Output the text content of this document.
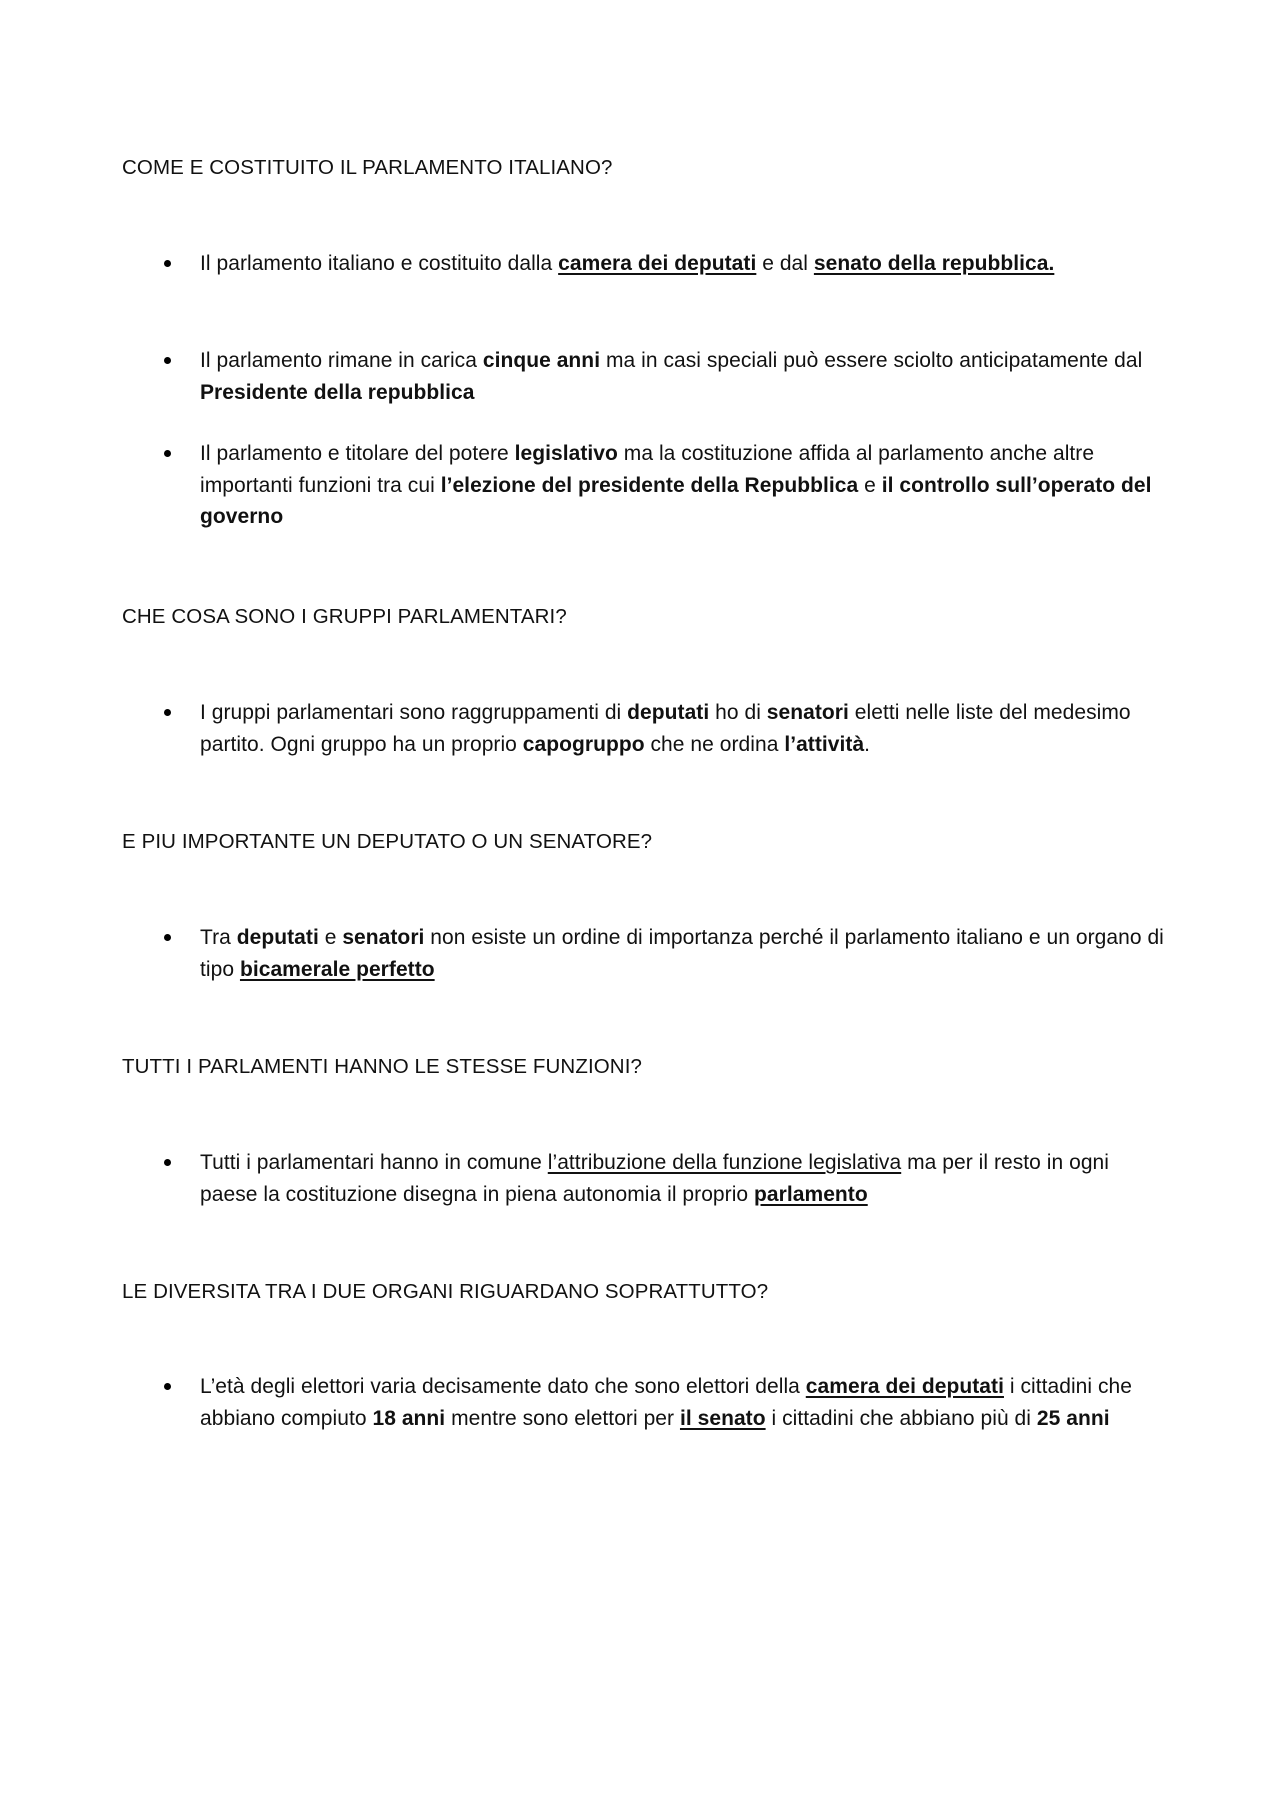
COME E COSTITUITO IL PARLAMENTO ITALIANO?
Il parlamento italiano e costituito dalla camera dei deputati e dal senato della repubblica.
Il parlamento rimane in carica cinque anni ma in casi speciali può essere sciolto anticipatamente dal Presidente della repubblica
Il parlamento e titolare del potere legislativo ma la costituzione affida al parlamento anche altre importanti funzioni tra cui l’elezione del presidente della Repubblica e il controllo sull’operato del governo
CHE COSA SONO I GRUPPI PARLAMENTARI?
I gruppi parlamentari sono raggruppamenti di deputati ho di senatori eletti nelle liste del medesimo partito. Ogni gruppo ha un proprio capogruppo che ne ordina l’attività.
E PIU IMPORTANTE UN DEPUTATO O UN SENATORE?
Tra deputati e senatori non esiste un ordine di importanza perché il parlamento italiano e un organo di tipo bicamerale perfetto
TUTTI I PARLAMENTI HANNO LE STESSE FUNZIONI?
Tutti i parlamentari hanno in comune l’attribuzione della funzione legislativa ma per il resto in ogni paese la costituzione disegna in piena autonomia il proprio parlamento
LE DIVERSITA TRA I DUE ORGANI RIGUARDANO SOPRATTUTTO?
L’età degli elettori varia decisamente dato che sono elettori della camera dei deputati i cittadini che abbiano compiuto 18 anni mentre sono elettori per il senato i cittadini che abbiano più di 25 anni
